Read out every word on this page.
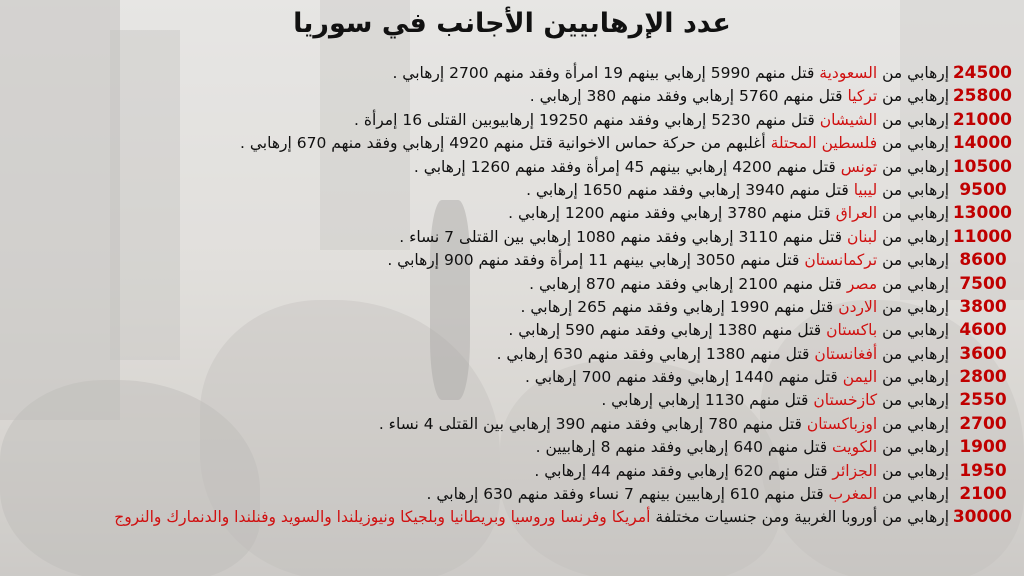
عدد الإرهابيين الأجانب في سوريا
24500 إرهابي من السعودية قتل منهم 5990 إرهابي بينهم 19 امرأة وفقد منهم 2700 إرهابي .
25800 إرهابي من تركيا قتل منهم 5760 إرهابي وفقد منهم 380 إرهابي .
21000 إرهابي من الشيشان قتل منهم 5230 إرهابي وفقد منهم 19250 إرهابيوبين القتلى 16 إمرأة .
14000 إرهابي من فلسطين المحتلة أغلبهم من حركة حماس الاخوانية قتل منهم 4920 إرهابي وفقد منهم 670 إرهابي .
10500 إرهابي من تونس قتل منهم 4200 إرهابي بينهم 45 إمرأة وفقد منهم 1260 إرهابي .
9500 إرهابي من ليبيا قتل منهم 3940 إرهابي وفقد منهم 1650 إرهابي .
13000 إرهابي من العراق قتل منهم 3780 إرهابي وفقد منهم 1200 إرهابي .
11000 إرهابي من لبنان قتل منهم 3110 إرهابي وفقد منهم 1080 إرهابي بين القتلى 7 نساء .
8600 إرهابي من تركمانستان قتل منهم 3050 إرهابي بينهم 11 إمرأة وفقد منهم 900 إرهابي .
7500 إرهابي من مصر قتل منهم 2100 إرهابي وفقد منهم 870 إرهابي .
3800 إرهابي من الاردن قتل منهم 1990 إرهابي وفقد منهم 265 إرهابي .
4600 إرهابي من باكستان قتل منهم 1380 إرهابي وفقد منهم 590 إرهابي .
3600 إرهابي من أفغانستان قتل منهم 1380 إرهابي وفقد منهم 630 إرهابي .
2800 إرهابي من اليمن قتل منهم 1440 إرهابي وفقد منهم 700 إرهابي .
2550 إرهابي من كازخستان قتل منهم 1130 إرهابي إرهابي .
2700 إرهابي من اوزباكستان قتل منهم 780 إرهابي وفقد منهم 390 إرهابي بين القتلى 4 نساء .
1900 إرهابي من الكويت قتل منهم 640 إرهابي وفقد منهم 8 إرهابيين .
1950 إرهابي من الجزائر قتل منهم 620 إرهابي وفقد منهم 44 إرهابي .
2100 إرهابي من المغرب قتل منهم 610 إرهابيين بينهم 7 نساء وفقد منهم 630 إرهابي .
30000 إرهابي من أوروبا الغربية ومن جنسيات مختلفة أمريكا وفرنسا وروسيا وبريطانيا وبلجيكا ونيوزيلندا والسويد وفنلندا والدنمارك والنروج
